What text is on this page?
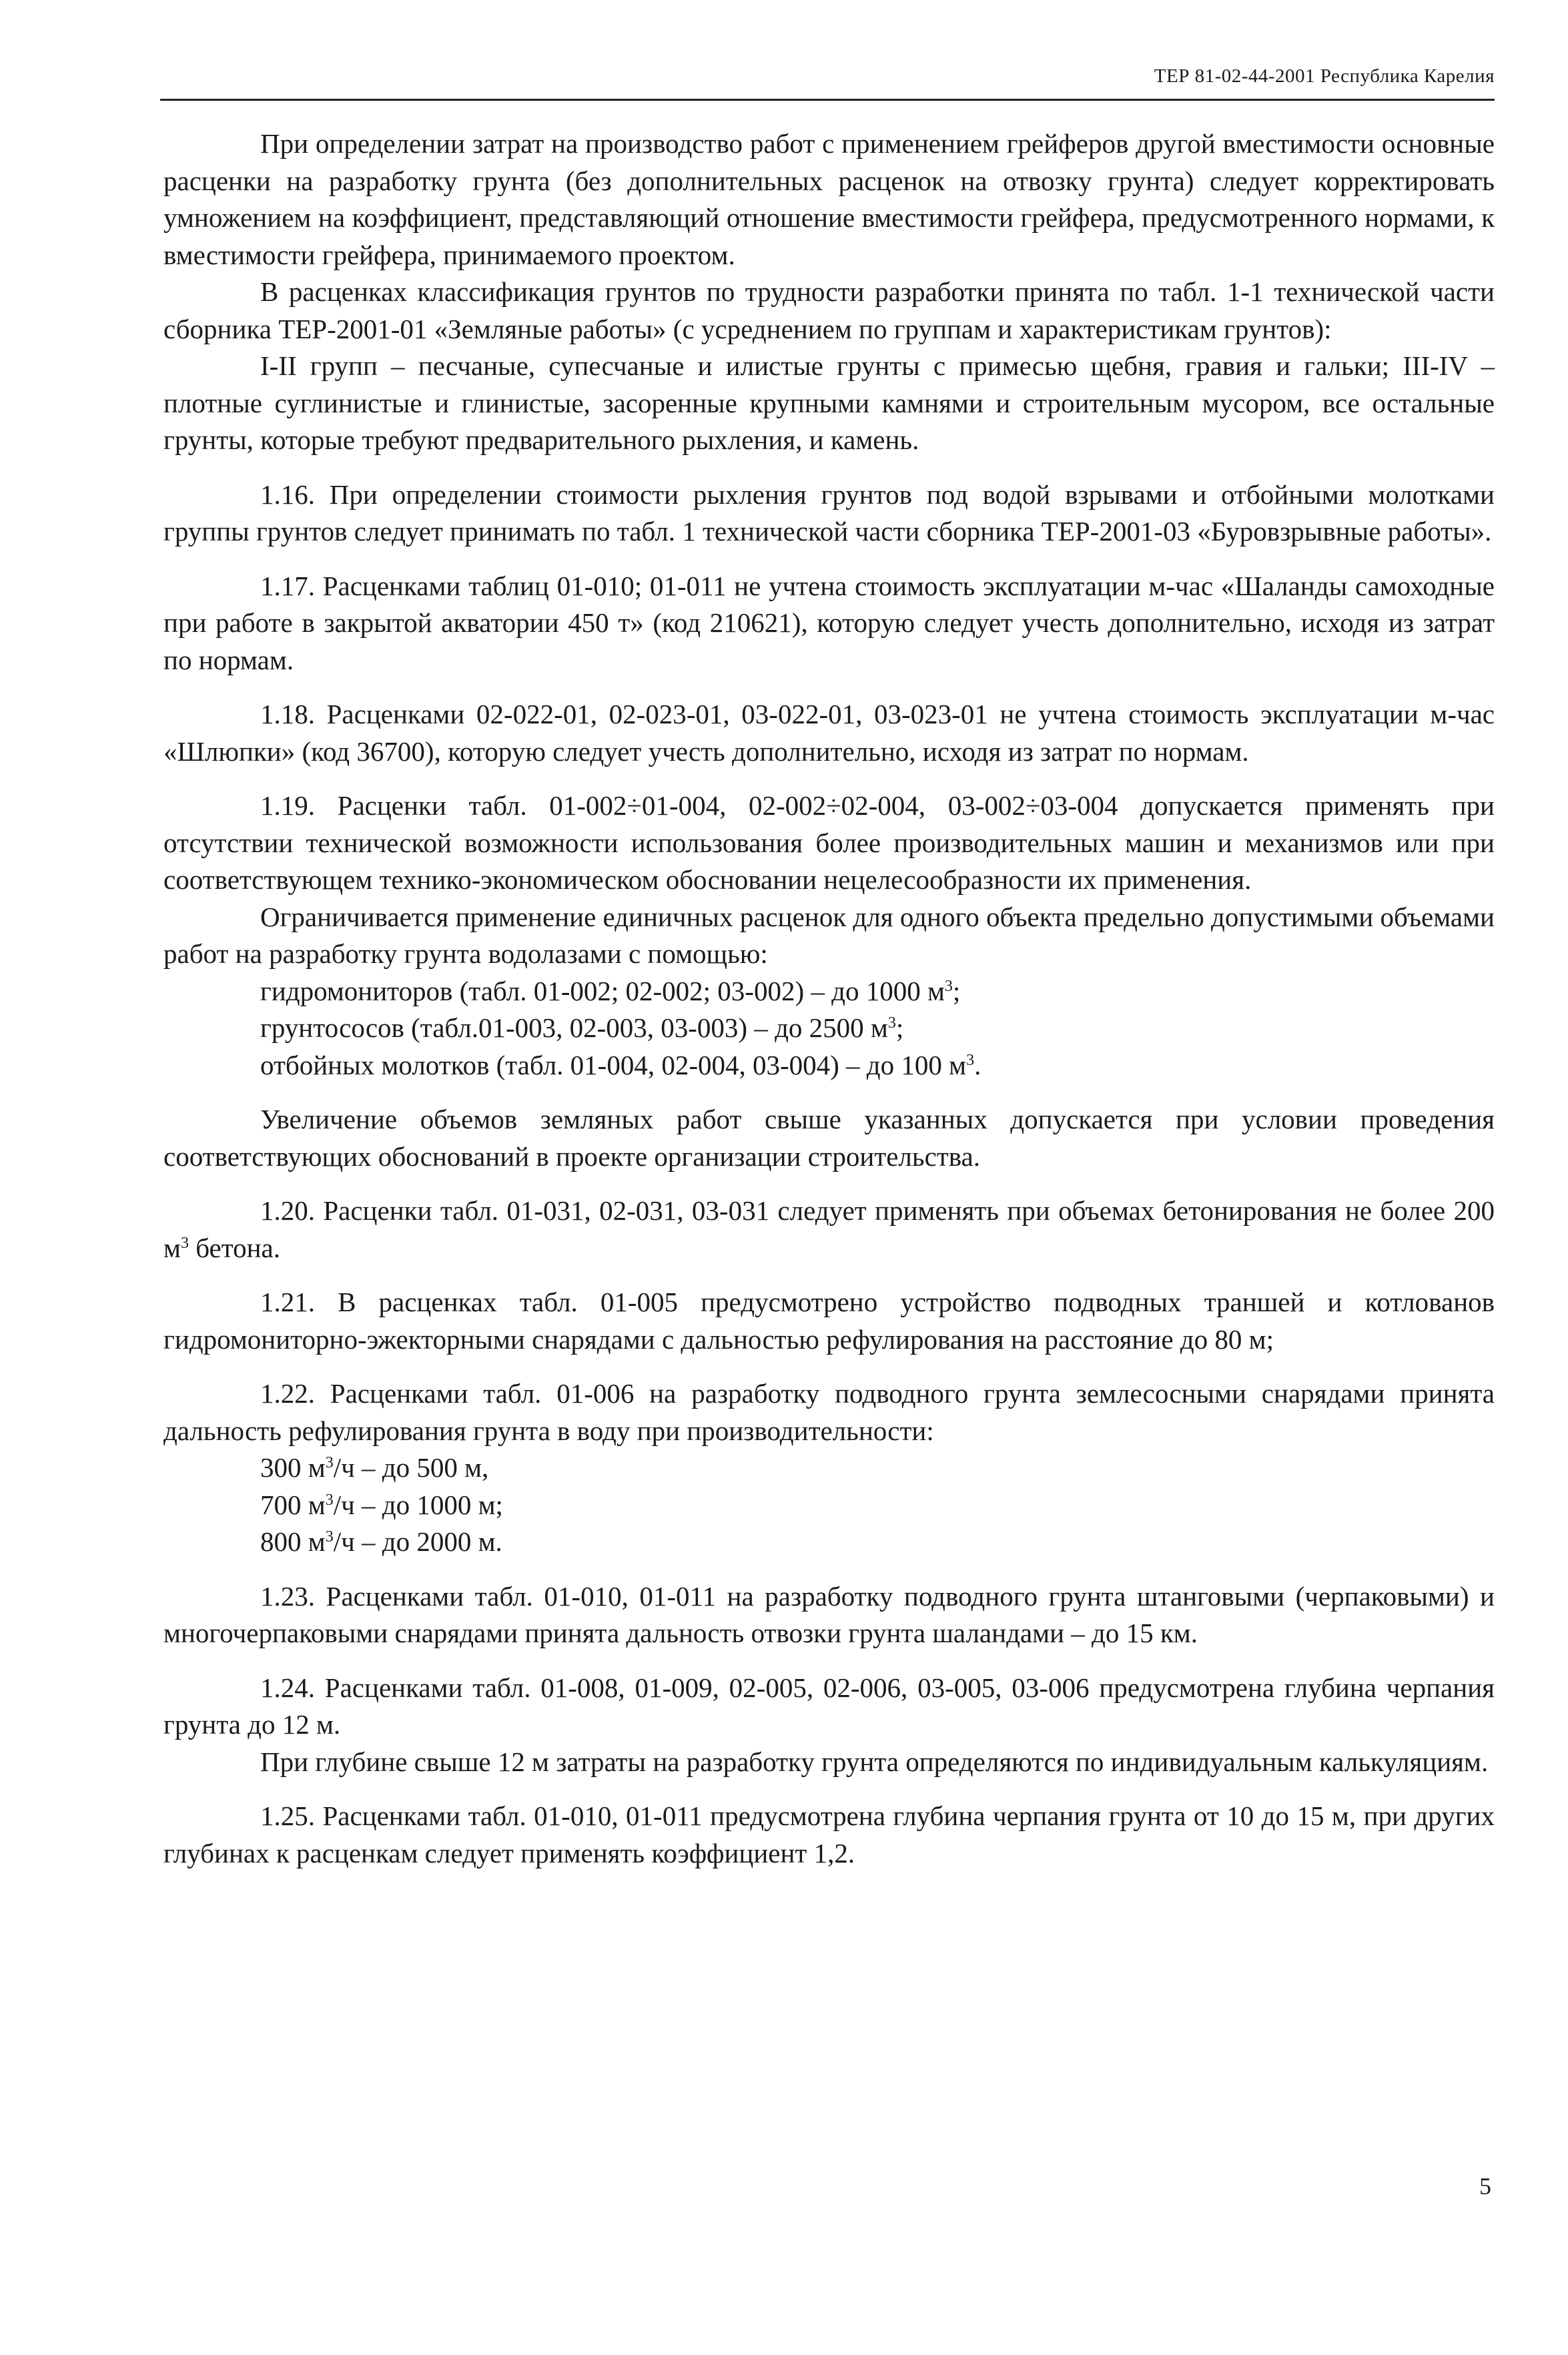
ТЕР 81-02-44-2001 Республика Карелия

При определении затрат на производство работ с применением грейферов другой вместимости основные расценки на разработку грунта (без дополнительных расценок на отвозку грунта) следует корректировать умножением на коэффициент, представляющий отношение вместимости грейфера, предусмотренного нормами, к вместимости грейфера, принимаемого проектом.

В расценках классификация грунтов по трудности разработки принята по табл. 1-1 технической части сборника ТЕР-2001-01 «Земляные работы» (с усреднением по группам и характеристикам грунтов):

I-II групп – песчаные, супесчаные и илистые грунты с примесью щебня, гравия и гальки; III-IV – плотные суглинистые и глинистые, засоренные крупными камнями и строительным мусором, все остальные грунты, которые требуют предварительного рыхления, и камень.

1.16. При определении стоимости рыхления грунтов под водой взрывами и отбойными молотками группы грунтов следует принимать по табл. 1 технической части сборника ТЕР-2001-03 «Буровзрывные работы».

1.17. Расценками таблиц 01-010; 01-011 не учтена стоимость эксплуатации м-час «Шаланды самоходные при работе в закрытой акватории 450 т» (код 210621), которую следует учесть дополнительно, исходя из затрат по нормам.

1.18. Расценками 02-022-01, 02-023-01, 03-022-01, 03-023-01 не учтена стоимость эксплуатации м-час «Шлюпки» (код 36700), которую следует учесть дополнительно, исходя из затрат по нормам.

1.19. Расценки табл. 01-002÷01-004, 02-002÷02-004, 03-002÷03-004 допускается применять при отсутствии технической возможности использования более производительных машин и механизмов или при соответствующем технико-экономическом обосновании нецелесообразности их применения.

Ограничивается применение единичных расценок для одного объекта предельно допустимыми объемами работ на разработку грунта водолазами с помощью:

гидромониторов (табл. 01-002; 02-002; 03-002) – до 1000 $м^3$;

грунтососов (табл.01-003, 02-003, 03-003) – до 2500 $м^3$;

отбойных молотков (табл. 01-004, 02-004, 03-004) – до 100 $м^3$.

Увеличение объемов земляных работ свыше указанных допускается при условии проведения соответствующих обоснований в проекте организации строительства.

1.20. Расценки табл. 01-031, 02-031, 03-031 следует применять при объемах бетонирования не более 200 $м^3$ бетона.

1.21. В расценках табл. 01-005 предусмотрено устройство подводных траншей и котлованов гидромониторно-эжекторными снарядами с дальностью рефулирования на расстояние до 80 м;

1.22. Расценками табл. 01-006 на разработку подводного грунта землесосными снарядами принята дальность рефулирования грунта в воду при производительности:

300 $м^3/ч$ – до 500 м,

700 $м^3/ч$ – до 1000 м;

800 $м^3/ч$ – до 2000 м.

1.23. Расценками табл. 01-010, 01-011 на разработку подводного грунта штанговыми (черпаковыми) и многочерпаковыми снарядами принята дальность отвозки грунта шаландами – до 15 км.

1.24. Расценками табл. 01-008, 01-009, 02-005, 02-006, 03-005, 03-006 предусмотрена глубина черпания грунта до 12 м.

При глубине свыше 12 м затраты на разработку грунта определяются по индивидуальным калькуляциям.

1.25. Расценками табл. 01-010, 01-011 предусмотрена глубина черпания грунта от 10 до 15 м, при других глубинах к расценкам следует применять коэффициент 1,2.

5
